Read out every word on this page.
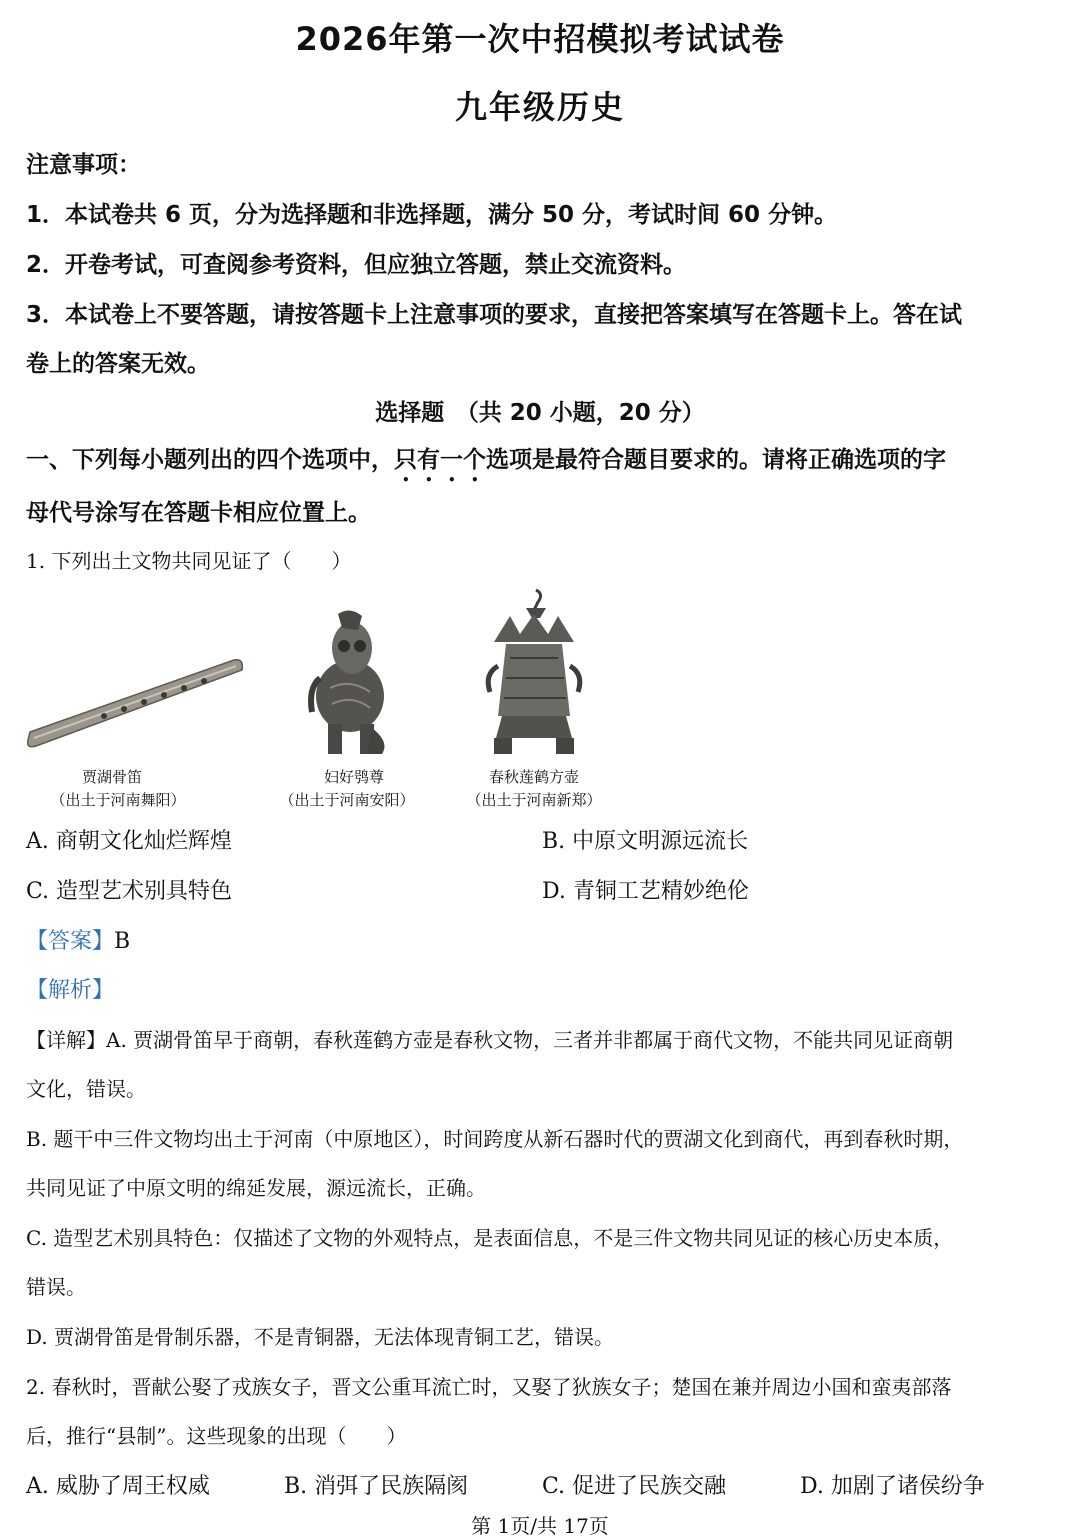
2026年第一次中招模拟考试试卷
九年级历史
注意事项：
1．本试卷共 6 页，分为选择题和非选择题，满分 50 分，考试时间 60 分钟。
2．开卷考试，可查阅参考资料，但应独立答题，禁止交流资料。
3．本试卷上不要答题，请按答题卡上注意事项的要求，直接把答案填写在答题卡上。答在试
卷上的答案无效。
选择题　（共 20 小题，20 分）
一、下列每小题列出的四个选项中，只有一个选项是最符合题目要求的。请将正确选项的字
母代号涂写在答题卡相应位置上。
1. 下列出土文物共同见证了（　　）
贾湖骨笛
（出土于河南舞阳）
妇好鸮尊
（出土于河南安阳）
春秋莲鹤方壶
（出土于河南新郑）
A. 商朝文化灿烂辉煌	B. 中原文明源远流长
C. 造型艺术别具特色	D. 青铜工艺精妙绝伦
【答案】B
【解析】
【详解】A. 贾湖骨笛早于商朝，春秋莲鹤方壶是春秋文物，三者并非都属于商代文物，不能共同见证商朝
文化，错误。
B. 题干中三件文物均出土于河南（中原地区），时间跨度从新石器时代的贾湖文化到商代，再到春秋时期，
共同见证了中原文明的绵延发展，源远流长，正确。
C. 造型艺术别具特色：仅描述了文物的外观特点，是表面信息，不是三件文物共同见证的核心历史本质，
错误。
D. 贾湖骨笛是骨制乐器，不是青铜器，无法体现青铜工艺，错误。
2. 春秋时，晋献公娶了戎族女子，晋文公重耳流亡时，又娶了狄族女子；楚国在兼并周边小国和蛮夷部落
后，推行“县制”。这些现象的出现（　　）
A. 威胁了周王权威	B. 消弭了民族隔阂	C. 促进了民族交融	D. 加剧了诸侯纷争
第 1页/共 17页
